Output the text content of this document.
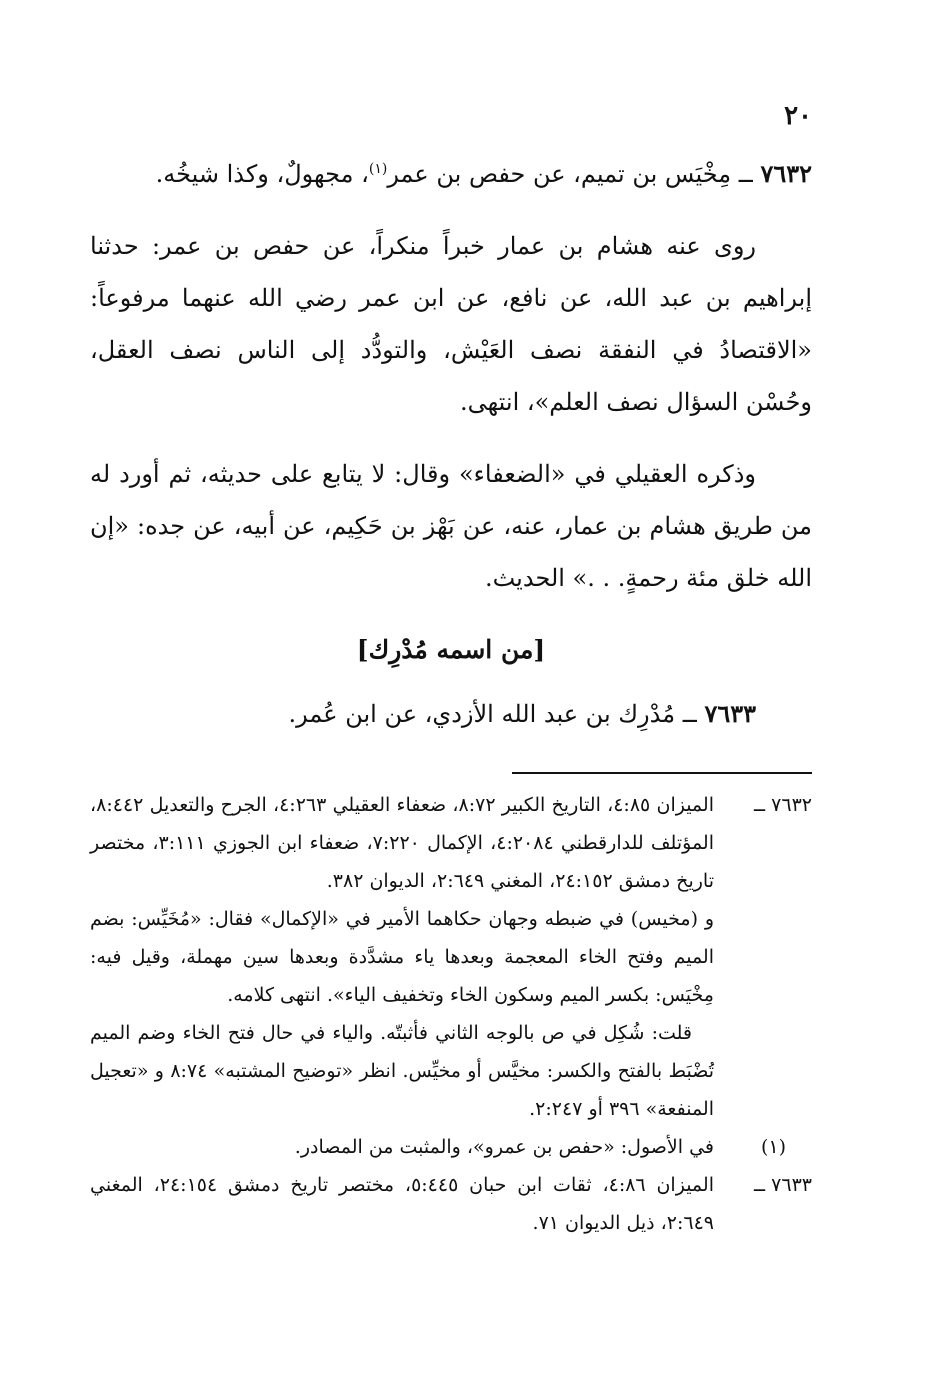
٢٠

٧٦٣٢ ــ مِخْيَس بن تميم، عن حفص بن عمر$^{(١)}$، مجهولٌ، وكذا شيخُه.

روى عنه هشام بن عمار خبراً منكراً، عن حفص بن عمر: حدثنا إبراهيم بن عبد الله، عن نافع، عن ابن عمر رضي الله عنهما مرفوعاً: «الاقتصادُ في النفقة نصف العَيْش، والتودُّد إلى الناس نصف العقل، وحُسْن السؤال نصف العلم»، انتهى.

وذكره العقيلي في «الضعفاء» وقال: لا يتابع على حديثه، ثم أورد له من طريق هشام بن عمار، عنه، عن بَهْز بن حَكِيم، عن أبيه، عن جده: «إن الله خلق مئة رحمةٍ. . .» الحديث.

[من اسمه مُدْرِك]

٧٦٣٣ ــ مُدْرِك بن عبد الله الأزدي، عن ابن عُمر.

٧٦٣٢ ــ
الميزان ٤:٨٥، التاريخ الكبير ٨:٧٢، ضعفاء العقيلي ٤:٢٦٣، الجرح والتعديل ٨:٤٤٢، المؤتلف للدارقطني ٤:٢٠٨٤، الإكمال ٧:٢٢٠، ضعفاء ابن الجوزي ٣:١١١، مختصر تاريخ دمشق ٢٤:١٥٢، المغني ٢:٦٤٩، الديوان ٣٨٢.
و (مخيس) في ضبطه وجهان حكاهما الأمير في «الإكمال» فقال: «مُخَيِّس: بضم الميم وفتح الخاء المعجمة وبعدها ياء مشدَّدة وبعدها سين مهملة، وقيل فيه: مِخْيَس: بكسر الميم وسكون الخاء وتخفيف الياء». انتهى كلامه.
قلت: شُكِل في ص بالوجه الثاني فأثبتّه. والياء في حال فتح الخاء وضم الميم تُضْبَط بالفتح والكسر: مخيَّس أو مخيِّس. انظر «توضيح المشتبه» ٨:٧٤ و «تعجيل المنفعة» ٣٩٦ أو ٢:٢٤٧.
(١)
في الأصول: «حفص بن عمرو»، والمثبت من المصادر.
٧٦٣٣ ــ
الميزان ٤:٨٦، ثقات ابن حبان ٥:٤٤٥، مختصر تاريخ دمشق ٢٤:١٥٤، المغني ٢:٦٤٩، ذيل الديوان ٧١.
